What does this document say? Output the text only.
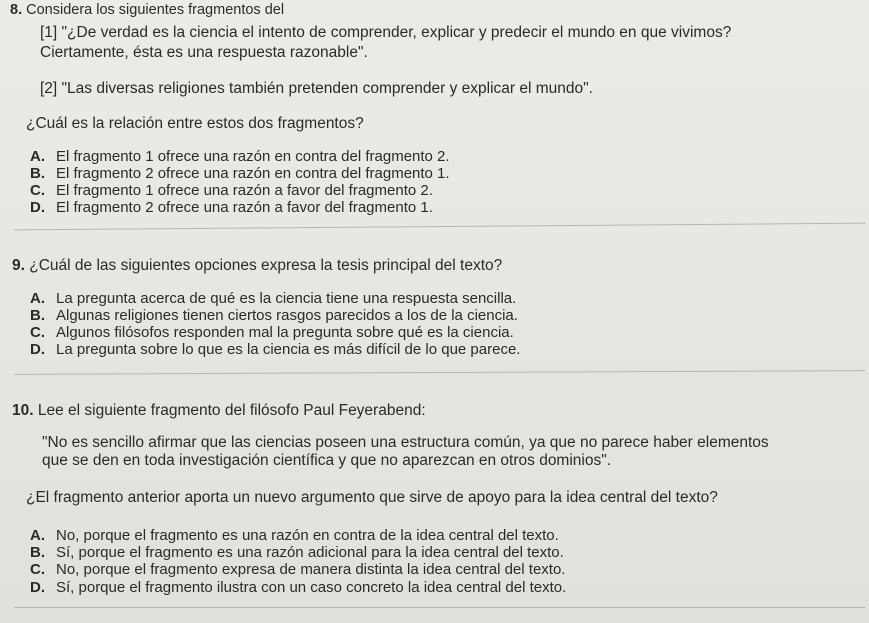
8. Considera los siguientes fragmentos del
[1] "¿De verdad es la ciencia el intento de comprender, explicar y predecir el mundo en que vivimos?
Ciertamente, ésta es una respuesta razonable".
[2] "Las diversas religiones también pretenden comprender y explicar el mundo".
¿Cuál es la relación entre estos dos fragmentos?
A. El fragmento 1 ofrece una razón en contra del fragmento 2.
B. El fragmento 2 ofrece una razón en contra del fragmento 1.
C. El fragmento 1 ofrece una razón a favor del fragmento 2.
D. El fragmento 2 ofrece una razón a favor del fragmento 1.
9. ¿Cuál de las siguientes opciones expresa la tesis principal del texto?
A. La pregunta acerca de qué es la ciencia tiene una respuesta sencilla.
B. Algunas religiones tienen ciertos rasgos parecidos a los de la ciencia.
C. Algunos filósofos responden mal la pregunta sobre qué es la ciencia.
D. La pregunta sobre lo que es la ciencia es más difícil de lo que parece.
10. Lee el siguiente fragmento del filósofo Paul Feyerabend:
"No es sencillo afirmar que las ciencias poseen una estructura común, ya que no parece haber elementos
que se den en toda investigación científica y que no aparezcan en otros dominios".
¿El fragmento anterior aporta un nuevo argumento que sirve de apoyo para la idea central del texto?
A. No, porque el fragmento es una razón en contra de la idea central del texto.
B. Sí, porque el fragmento es una razón adicional para la idea central del texto.
C. No, porque el fragmento expresa de manera distinta la idea central del texto.
D. Sí, porque el fragmento ilustra con un caso concreto la idea central del texto.
